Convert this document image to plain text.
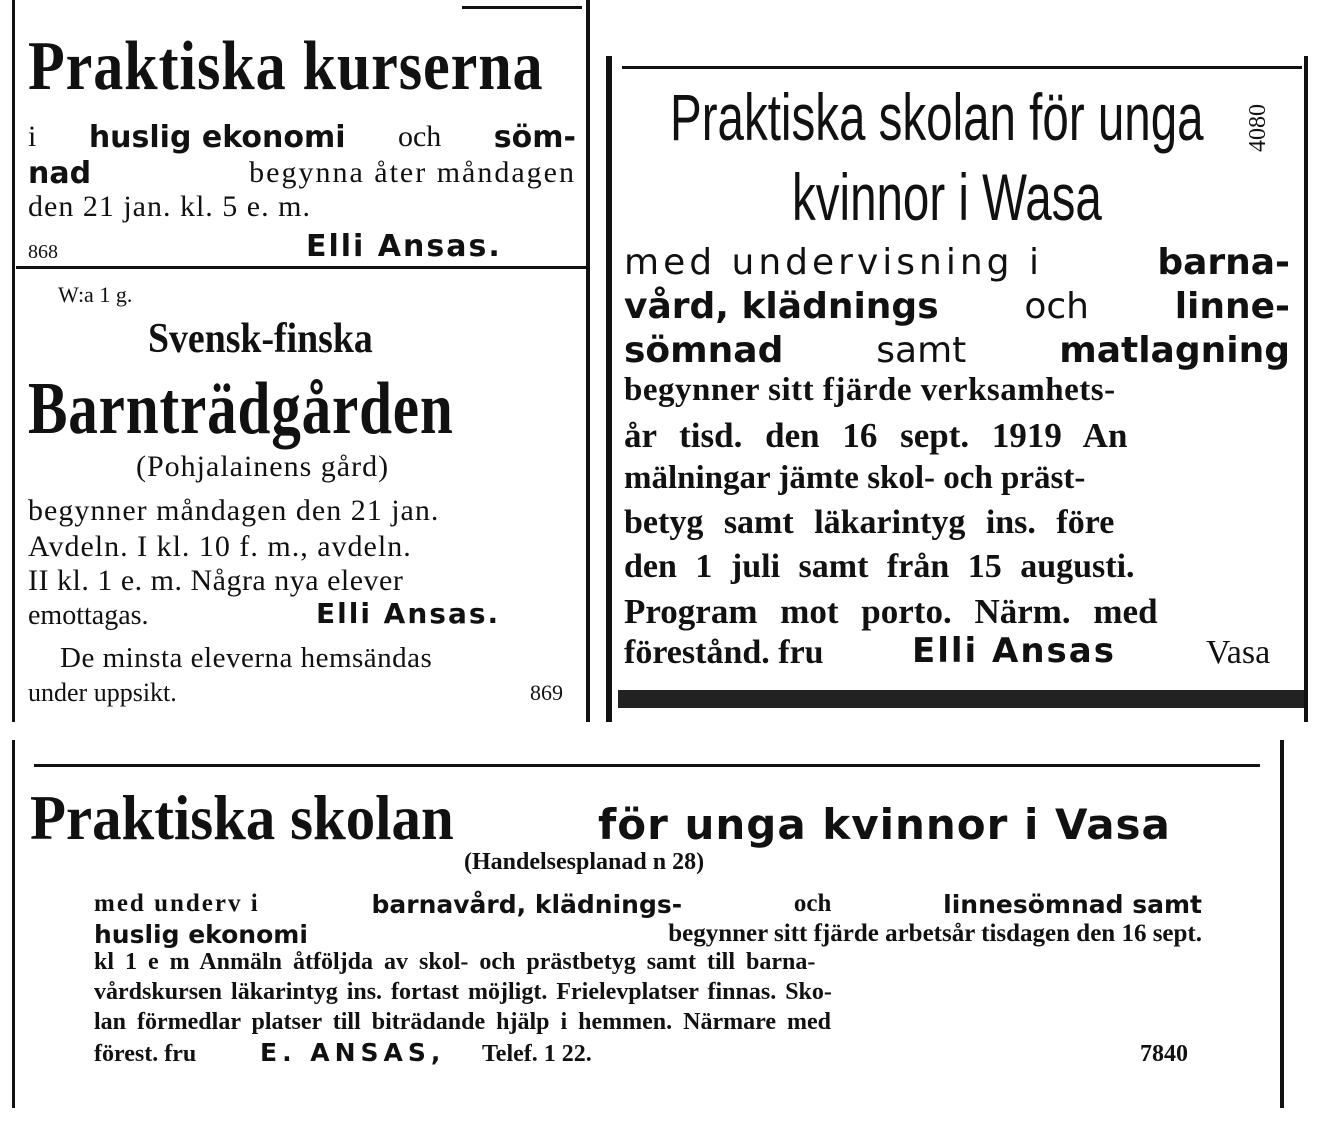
Praktiska kurserna
i huslig ekonomi och söm-
nad	begynna åter måndagen
den 21 jan. kl. 5 e. m.
868	Elli Ansas.
W:a 1 g.
Svensk-finska
Barnträdgården
(Pohjalainens gård)
begynner måndagen den 21 jan.
Avdeln. I kl. 10 f. m., avdeln.
II kl. 1 e. m. Några nya elever
emottagas.	Elli Ansas.
De minsta eleverna hemsändas
under uppsikt.	869
Praktiska skolan för unga
kvinnor i Wasa
4080
med undervisning i	barna-
vård, klädnings och linne-
sömnad	samt	matlagning
begynner sitt fjärde verksamhets-
år tisd. den 16 sept. 1919 An
mälningar jämte skol- och präst-
betyg samt läkarintyg ins. före
den 1 juli samt från 15 augusti.
Program mot porto. Närm. med
förestånd. fru	Elli Ansas	Vasa
Praktiska skolan	för unga kvinnor i Vasa
(Handelsesplanad n 28)
med underv i	barnavård, klädnings-	och	linnesömnad samt
huslig ekonomi	begynner sitt fjärde arbetsår tisdagen den 16 sept.
kl 1 e m Anmäln åtföljda av skol- och prästbetyg samt till barna-
vårdskursen läkarintyg ins. fortast möjligt. Frielevplatser finnas. Sko-
lan förmedlar platser till biträdande hjälp i hemmen. Närmare med
förest. fru	E. ANSAS, Telef. 1 22.	7840
